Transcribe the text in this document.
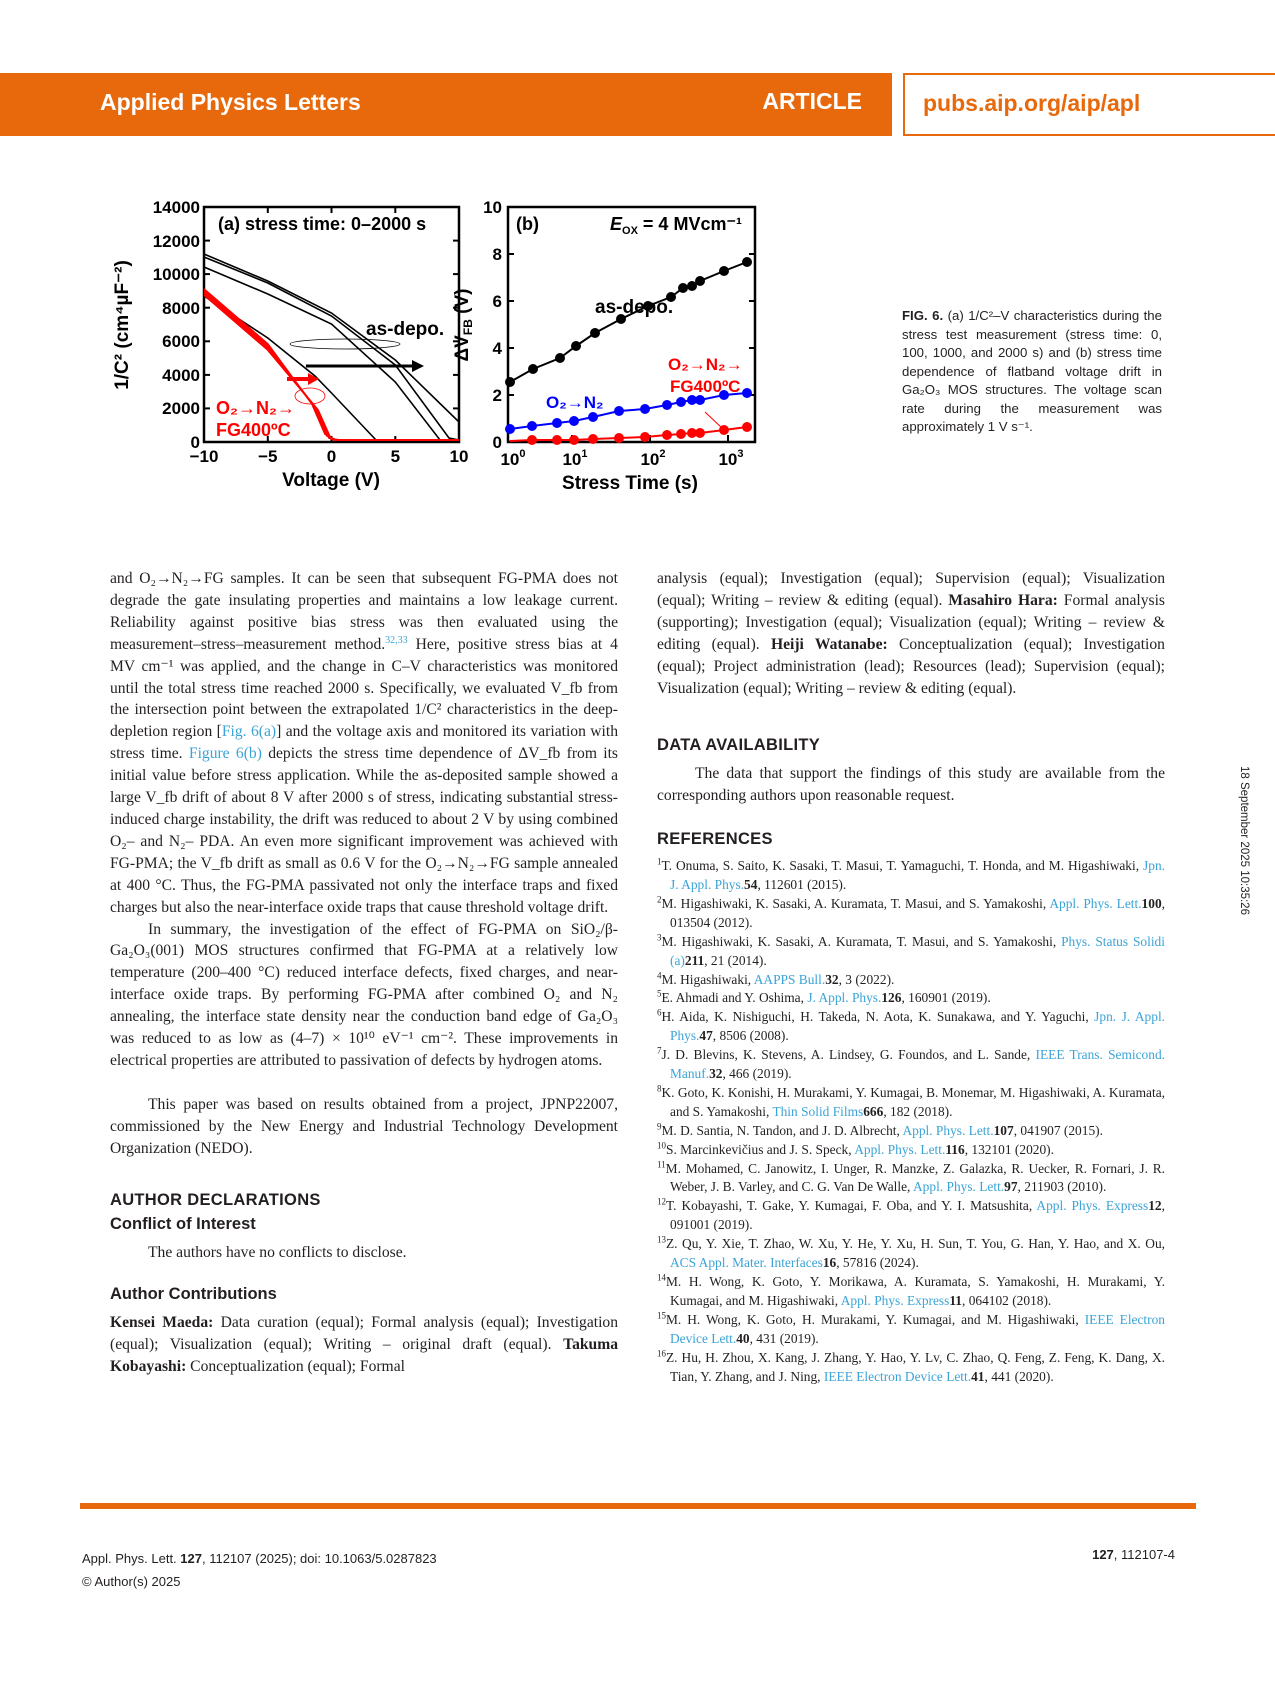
Applied Physics Letters	ARTICLE	pubs.aip.org/aip/apl
0
2000
4000
6000
8000
10000
12000
14000
−10 −5	0	5	10
Voltage (V)
1/C² (cm⁴µF⁻²)
(a) stress time: 0–2000 s
as-depo.
O₂→N₂→
FG400ºC
0
2
4
6
8
10
$10^0$ $10^1$	$10^2$	$10^3$
Stress Time (s)
$\Delta V_{FB}$ (V)
(b)	$E_{OX} = 4$ MVcm⁻¹
as-depo.
O₂→N₂
O₂→N₂→
FG400ºC
FIG. 6. (a) 1/C²–V characteristics during the stress test measurement (stress time: 0, 100, 1000, and 2000 s) and (b) stress time dependence of flatband voltage drift in Ga₂O₃ MOS structures. The voltage scan rate during the measurement was approximately 1 V s⁻¹.

and O₂→N₂→FG samples. It can be seen that subsequent FG-PMA does not degrade the gate insulating properties and maintains a low leakage current. Reliability against positive bias stress was then evaluated using the measurement–stress–measurement method.$^{32,33}$ Here, positive stress bias at 4 MV cm⁻¹ was applied, and the change in C–V characteristics was monitored until the total stress time reached 2000 s. Specifically, we evaluated V_fb from the intersection point between the extrapolated 1/C² characteristics in the deep-depletion region [Fig. 6(a)] and the voltage axis and monitored its variation with stress time. Figure 6(b) depicts the stress time dependence of ΔV_fb from its initial value before stress application. While the as-deposited sample showed a large V_fb drift of about 8 V after 2000 s of stress, indicating substantial stress-induced charge instability, the drift was reduced to about 2 V by using combined O₂– and N₂– PDA. An even more significant improvement was achieved with FG-PMA; the V_fb drift as small as 0.6 V for the O₂→N₂→FG sample annealed at 400 °C. Thus, the FG-PMA passivated not only the interface traps and fixed charges but also the near-interface oxide traps that cause threshold voltage drift.

In summary, the investigation of the effect of FG-PMA on SiO₂/β-Ga₂O₃(001) MOS structures confirmed that FG-PMA at a relatively low temperature (200–400 °C) reduced interface defects, fixed charges, and near-interface oxide traps. By performing FG-PMA after combined O₂ and N₂ annealing, the interface state density near the conduction band edge of Ga₂O₃ was reduced to as low as (4–7) × 10¹⁰ eV⁻¹ cm⁻². These improvements in electrical properties are attributed to passivation of defects by hydrogen atoms.

This paper was based on results obtained from a project, JPNP22007, commissioned by the New Energy and Industrial Technology Development Organization (NEDO).

AUTHOR DECLARATIONS
Conflict of Interest

The authors have no conflicts to disclose.

Author Contributions

Kensei Maeda: Data curation (equal); Formal analysis (equal); Investigation (equal); Visualization (equal); Writing – original draft (equal). Takuma Kobayashi: Conceptualization (equal); Formal

analysis (equal); Investigation (equal); Supervision (equal); Visualization (equal); Writing – review & editing (equal). Masahiro Hara: Formal analysis (supporting); Investigation (equal); Visualization (equal); Writing – review & editing (equal). Heiji Watanabe: Conceptualization (equal); Investigation (equal); Project administration (lead); Resources (lead); Supervision (equal); Visualization (equal); Writing – review & editing (equal).

DATA AVAILABILITY

The data that support the findings of this study are available from the corresponding authors upon reasonable request.

REFERENCES

$^1$T. Onuma, S. Saito, K. Sasaki, T. Masui, T. Yamaguchi, T. Honda, and M. Higashiwaki, Jpn. J. Appl. Phys.54, 112601 (2015).

$^2$M. Higashiwaki, K. Sasaki, A. Kuramata, T. Masui, and S. Yamakoshi, Appl. Phys. Lett.100, 013504 (2012).

$^3$M. Higashiwaki, K. Sasaki, A. Kuramata, T. Masui, and S. Yamakoshi, Phys. Status Solidi (a)211, 21 (2014).

$^4$M. Higashiwaki, AAPPS Bull.32, 3 (2022).

$^5$E. Ahmadi and Y. Oshima, J. Appl. Phys.126, 160901 (2019).

$^6$H. Aida, K. Nishiguchi, H. Takeda, N. Aota, K. Sunakawa, and Y. Yaguchi, Jpn. J. Appl. Phys.47, 8506 (2008).

$^7$J. D. Blevins, K. Stevens, A. Lindsey, G. Foundos, and L. Sande, IEEE Trans. Semicond. Manuf.32, 466 (2019).

$^8$K. Goto, K. Konishi, H. Murakami, Y. Kumagai, B. Monemar, M. Higashiwaki, A. Kuramata, and S. Yamakoshi, Thin Solid Films666, 182 (2018).

$^9$M. D. Santia, N. Tandon, and J. D. Albrecht, Appl. Phys. Lett.107, 041907 (2015).

$^{10}$S. Marcinkevičius and J. S. Speck, Appl. Phys. Lett.116, 132101 (2020).

$^{11}$M. Mohamed, C. Janowitz, I. Unger, R. Manzke, Z. Galazka, R. Uecker, R. Fornari, J. R. Weber, J. B. Varley, and C. G. Van De Walle, Appl. Phys. Lett.97, 211903 (2010).

$^{12}$T. Kobayashi, T. Gake, Y. Kumagai, F. Oba, and Y. I. Matsushita, Appl. Phys. Express12, 091001 (2019).

$^{13}$Z. Qu, Y. Xie, T. Zhao, W. Xu, Y. He, Y. Xu, H. Sun, T. You, G. Han, Y. Hao, and X. Ou, ACS Appl. Mater. Interfaces16, 57816 (2024).

$^{14}$M. H. Wong, K. Goto, Y. Morikawa, A. Kuramata, S. Yamakoshi, H. Murakami, Y. Kumagai, and M. Higashiwaki, Appl. Phys. Express11, 064102 (2018).

$^{15}$M. H. Wong, K. Goto, H. Murakami, Y. Kumagai, and M. Higashiwaki, IEEE Electron Device Lett.40, 431 (2019).

$^{16}$Z. Hu, H. Zhou, X. Kang, J. Zhang, Y. Hao, Y. Lv, C. Zhao, Q. Feng, Z. Feng, K. Dang, X. Tian, Y. Zhang, and J. Ning, IEEE Electron Device Lett.41, 441 (2020).

18 September 2025 10:35:26
Appl. Phys. Lett. 127, 112107 (2025); doi: 10.1063/5.0287823
© Author(s) 2025
127, 112107-4
